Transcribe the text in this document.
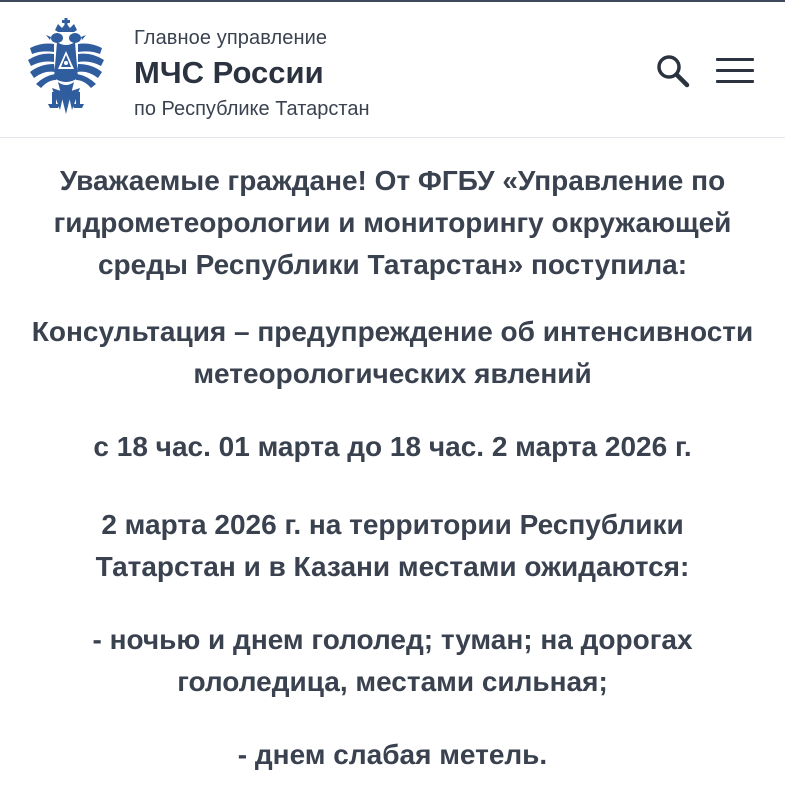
Главное управление
МЧС России
по Республике Татарстан

Уважаемые граждане! От ФГБУ «Управление по
гидрометеорологии и мониторингу окружающей
среды Республики Татарстан» поступила:

Консультация – предупреждение об интенсивности
метеорологических явлений

с 18 час. 01 марта до 18 час. 2 марта 2026 г.

2 марта 2026 г. на территории Республики
Татарстан и в Казани местами ожидаются:

- ночью и днем гололед; туман; на дорогах
гололедица, местами сильная;

- днем слабая метель.
